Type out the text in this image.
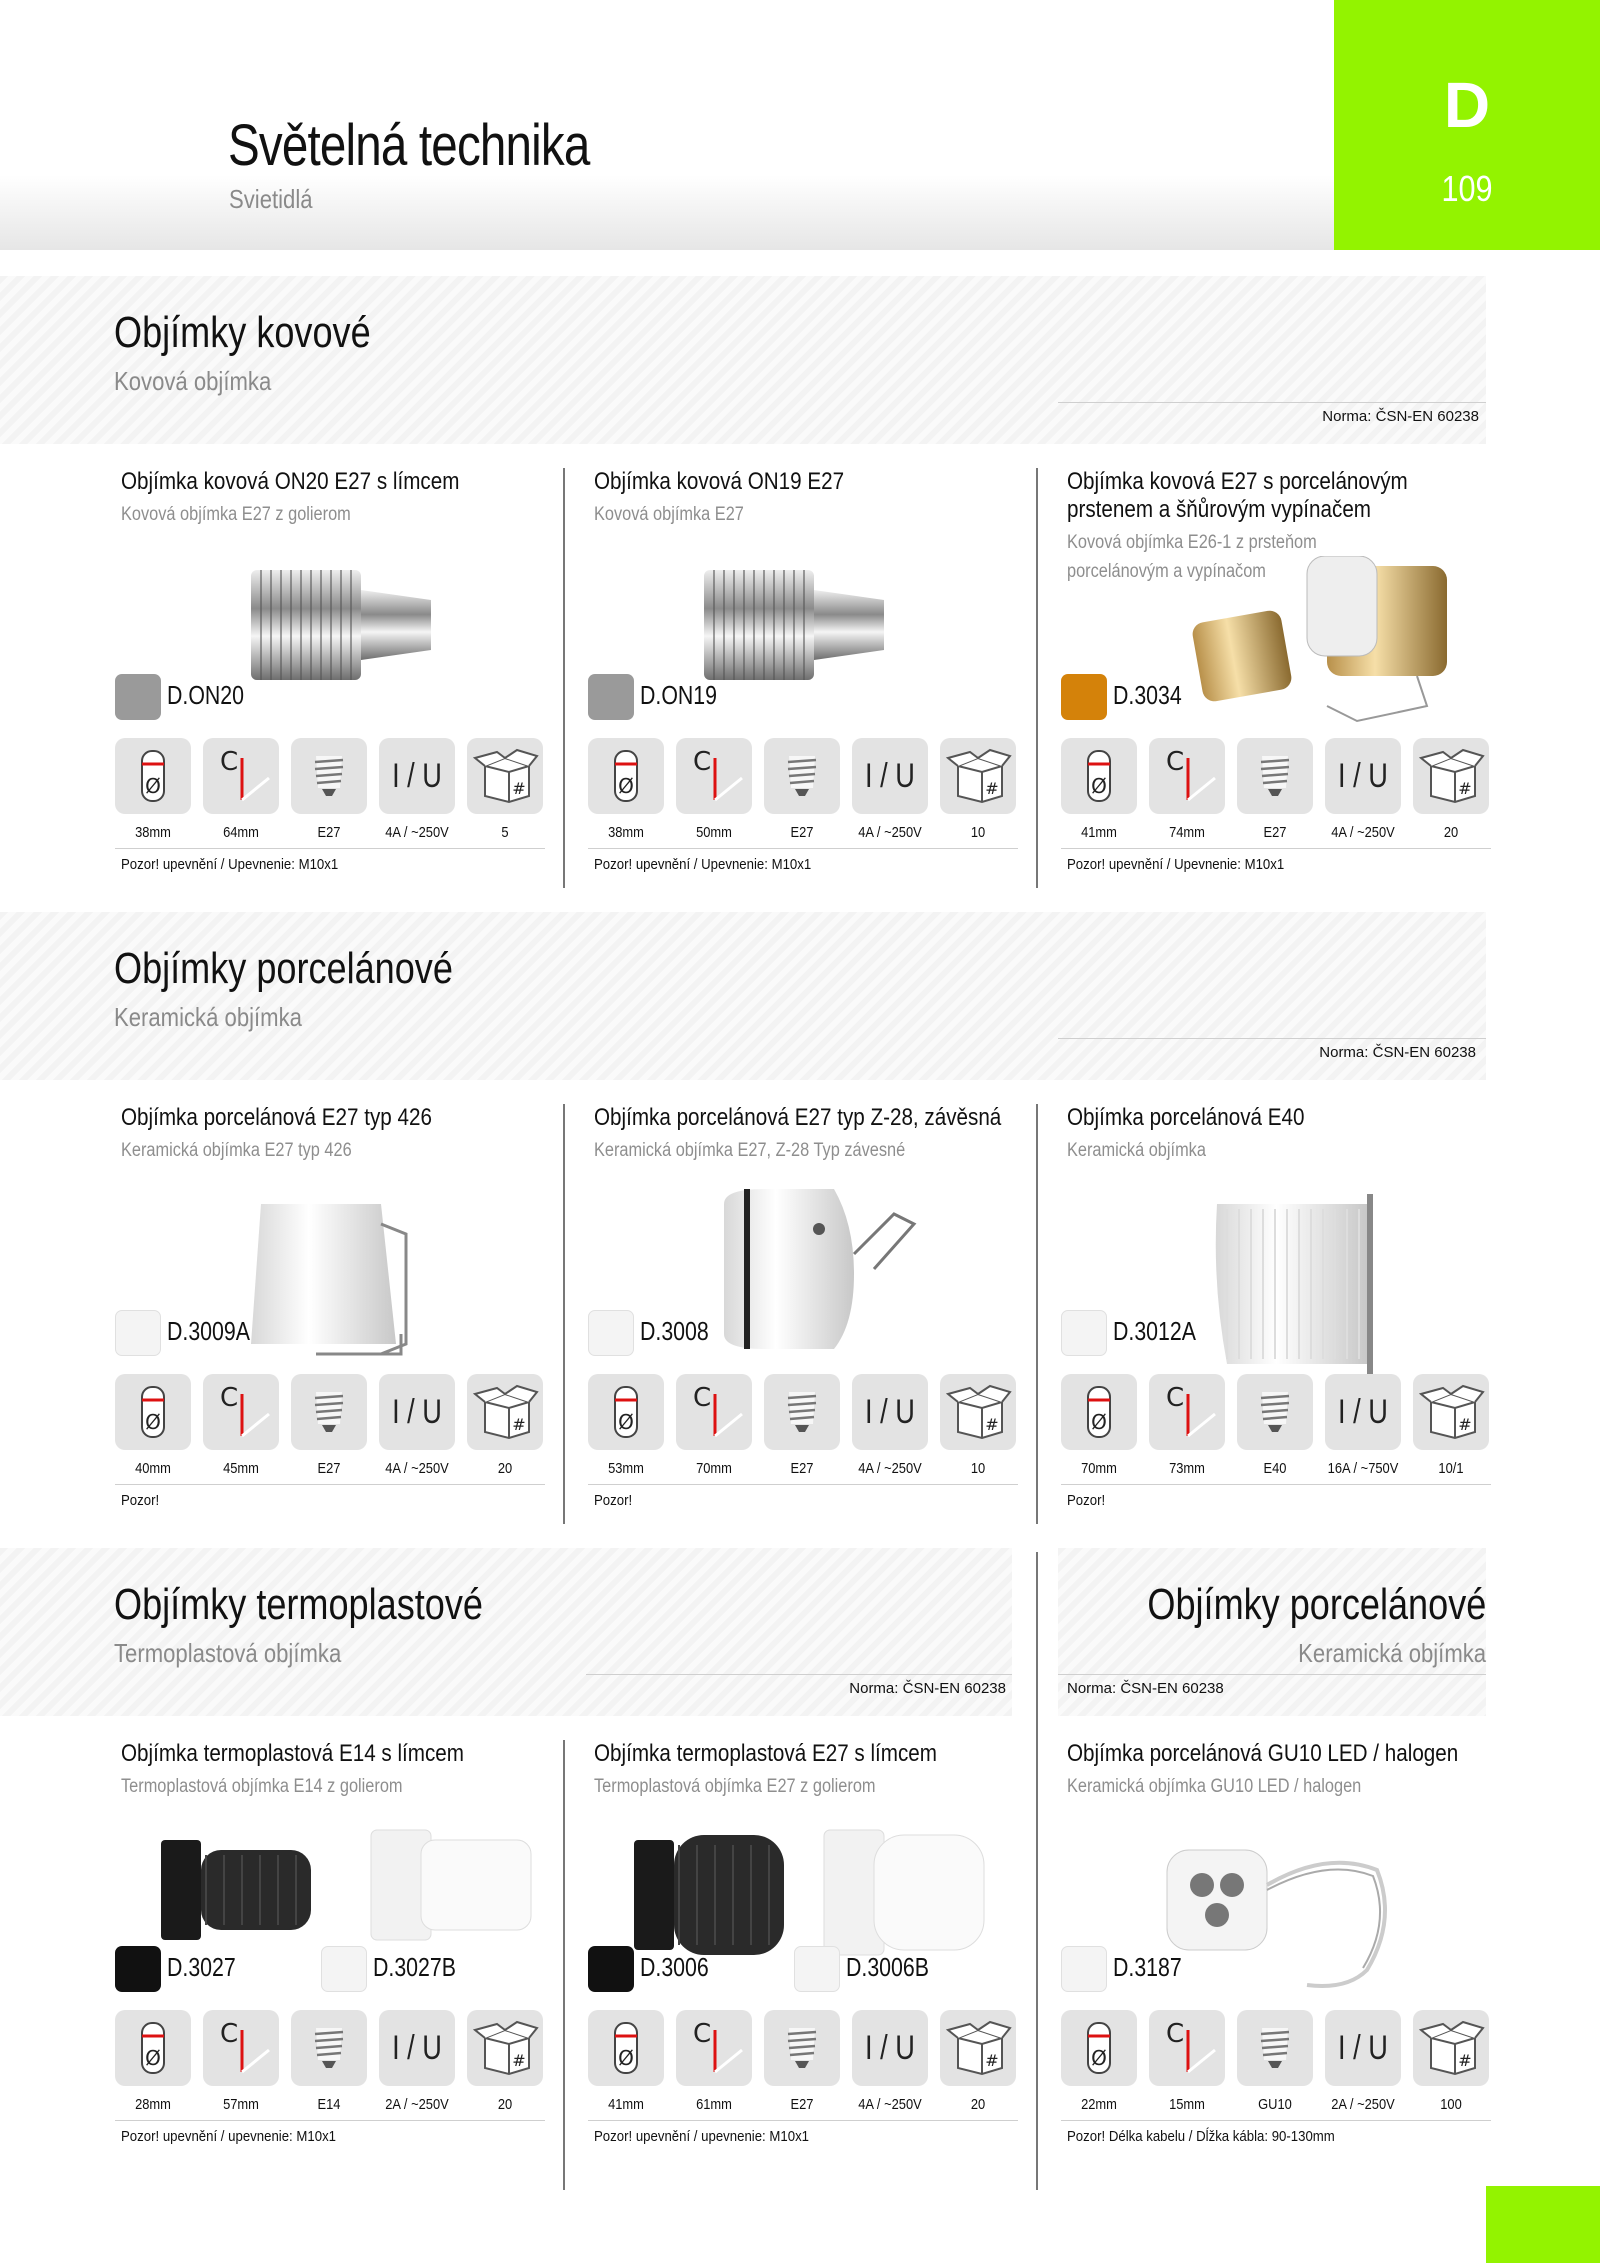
Světelná technika
Svietidlá
D
109
Objímky kovové
Kovová objímka
Norma: ČSN-EN 60238
Objímky porcelánové
Keramická objímka
Norma: ČSN-EN 60238
Objímky termoplastové
Termoplastová objímka
Norma: ČSN-EN 60238
Objímky porcelánové
Keramická objímka
Norma: ČSN-EN 60238
Objímka kovová ON20 E27 s límcem
Kovová objímka E27 z golierom
D.ON20
Ø
C	I / U	#
38mm	64mm	E27	4A / ~250V	5
Pozor! upevnění / Upevnenie: M10x1
Objímka kovová ON19 E27
Kovová objímka E27
D.ON19
Ø
C	I / U	#
38mm	50mm	E27	4A / ~250V	10
Pozor! upevnění / Upevnenie: M10x1
Objímka kovová E27 s porcelánovým
prstenem a šňůrovým vypínačem
Kovová objímka E26-1 z prsteňom
porcelánovým a vypínačom
D.3034
Ø
C	I / U	#
41mm	74mm	E27	4A / ~250V	20
Pozor! upevnění / Upevnenie: M10x1
Objímka porcelánová E27 typ 426
Keramická objímka E27 typ 426
D.3009A
Ø
C	I / U	#
40mm	45mm	E27	4A / ~250V	20
Pozor!
Objímka porcelánová E27 typ Z-28, závěsná
Keramická objímka E27, Z-28 Typ závesné
D.3008
Ø
C	I / U	#
53mm	70mm	E27	4A / ~250V	10
Pozor!
Objímka porcelánová E40
Keramická objímka
D.3012A
Ø
C	I / U	#
70mm	73mm	E40	16A / ~750V	10/1
Pozor!
Objímka termoplastová E14 s límcem
Termoplastová objímka E14 z golierom
D.3027	D.3027B
Ø
C	I / U	#
28mm	57mm	E14	2A / ~250V	20
Pozor! upevnění / upevnenie: M10x1
Objímka termoplastová E27 s límcem
Termoplastová objímka E27 z golierom
D.3006	D.3006B
Ø
C	I / U	#
41mm	61mm	E27	4A / ~250V	20
Pozor! upevnění / upevnenie: M10x1
Objímka porcelánová GU10 LED / halogen
Keramická objímka GU10 LED / halogen
D.3187
Ø
C	I / U	#
22mm	15mm	GU10	2A / ~250V	100
Pozor! Délka kabelu / Dĺžka kábla: 90-130mm
